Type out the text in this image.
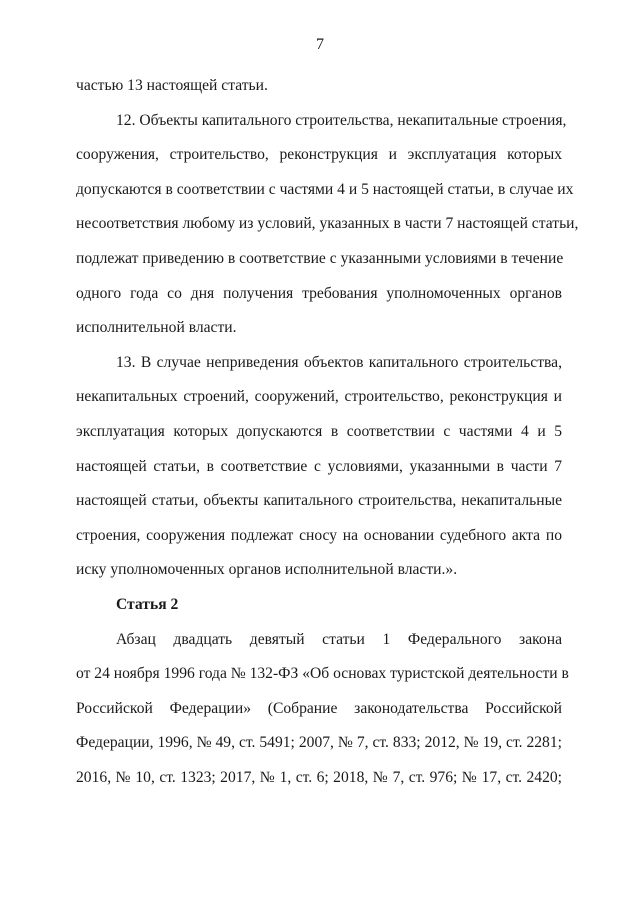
7
частью 13 настоящей статьи.
12. Объекты капитального строительства, некапитальные строения,
сооружения, строительство, реконструкция и эксплуатация которых
допускаются в соответствии с частями 4 и 5 настоящей статьи, в случае их
несоответствия любому из условий, указанных в части 7 настоящей статьи,
подлежат приведению в соответствие с указанными условиями в течение
одного года со дня получения требования уполномоченных органов
исполнительной власти.
13. В случае неприведения объектов капитального строительства,
некапитальных строений, сооружений, строительство, реконструкция и
эксплуатация которых допускаются в соответствии с частями 4 и 5
настоящей статьи, в соответствие с условиями, указанными в части 7
настоящей статьи, объекты капитального строительства, некапитальные
строения, сооружения подлежат сносу на основании судебного акта по
иску уполномоченных органов исполнительной власти.».
Статья 2
Абзац двадцать девятый статьи 1 Федерального закона
от 24 ноября 1996 года № 132-ФЗ «Об основах туристской деятельности в
Российской Федерации» (Собрание законодательства Российской
Федерации, 1996, № 49, ст. 5491; 2007, № 7, ст. 833; 2012, № 19, ст. 2281;
2016, № 10, ст. 1323; 2017, № 1, ст. 6; 2018, № 7, ст. 976; № 17, ст. 2420;
